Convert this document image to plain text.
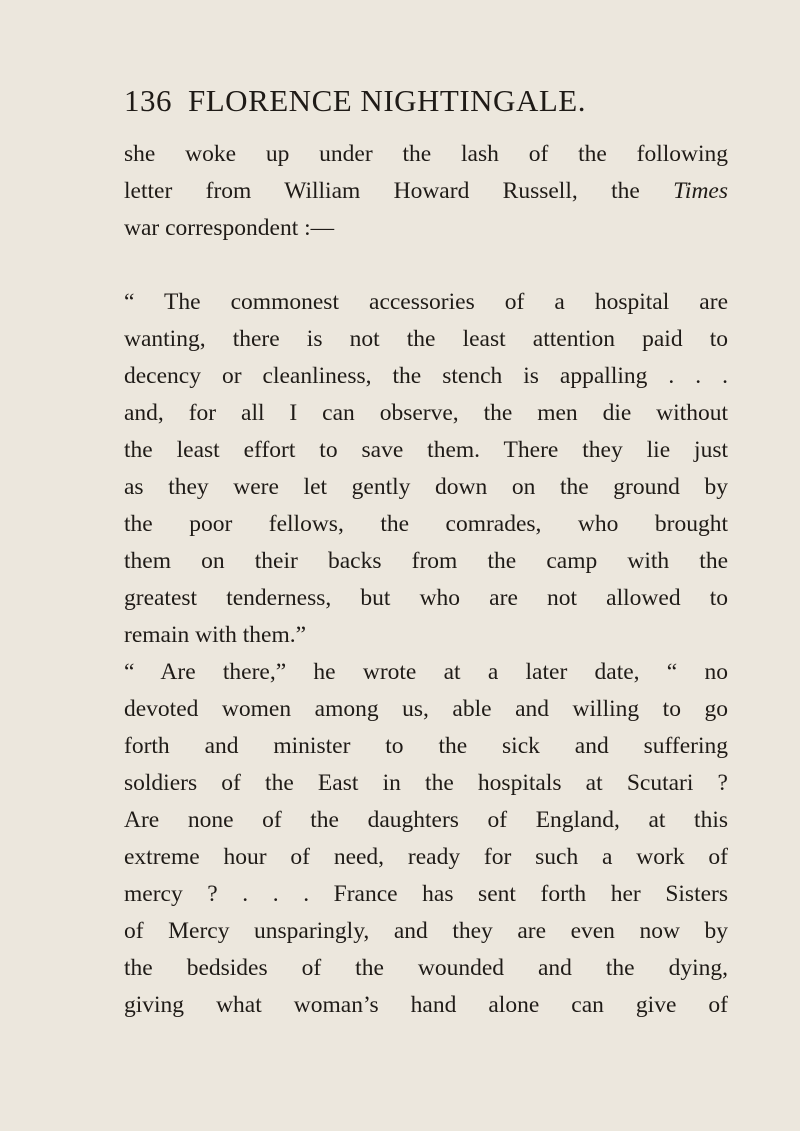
136 FLORENCE NIGHTINGALE.
she woke up under the lash of the following
letter from William Howard Russell, the Times
war correspondent :—
“ The commonest accessories of a hospital are
wanting, there is not the least attention paid to
decency or cleanliness, the stench is appalling . . .
and, for all I can observe, the men die without
the least effort to save them. There they lie just
as they were let gently down on the ground by
the poor fellows, the comrades, who brought
them on their backs from the camp with the
greatest tenderness, but who are not allowed to
remain with them.”
“ Are there,” he wrote at a later date, “ no
devoted women among us, able and willing to go
forth and minister to the sick and suffering
soldiers of the East in the hospitals at Scutari ?
Are none of the daughters of England, at this
extreme hour of need, ready for such a work of
mercy ? . . . France has sent forth her Sisters
of Mercy unsparingly, and they are even now by
the bedsides of the wounded and the dying,
giving what woman’s hand alone can give of
